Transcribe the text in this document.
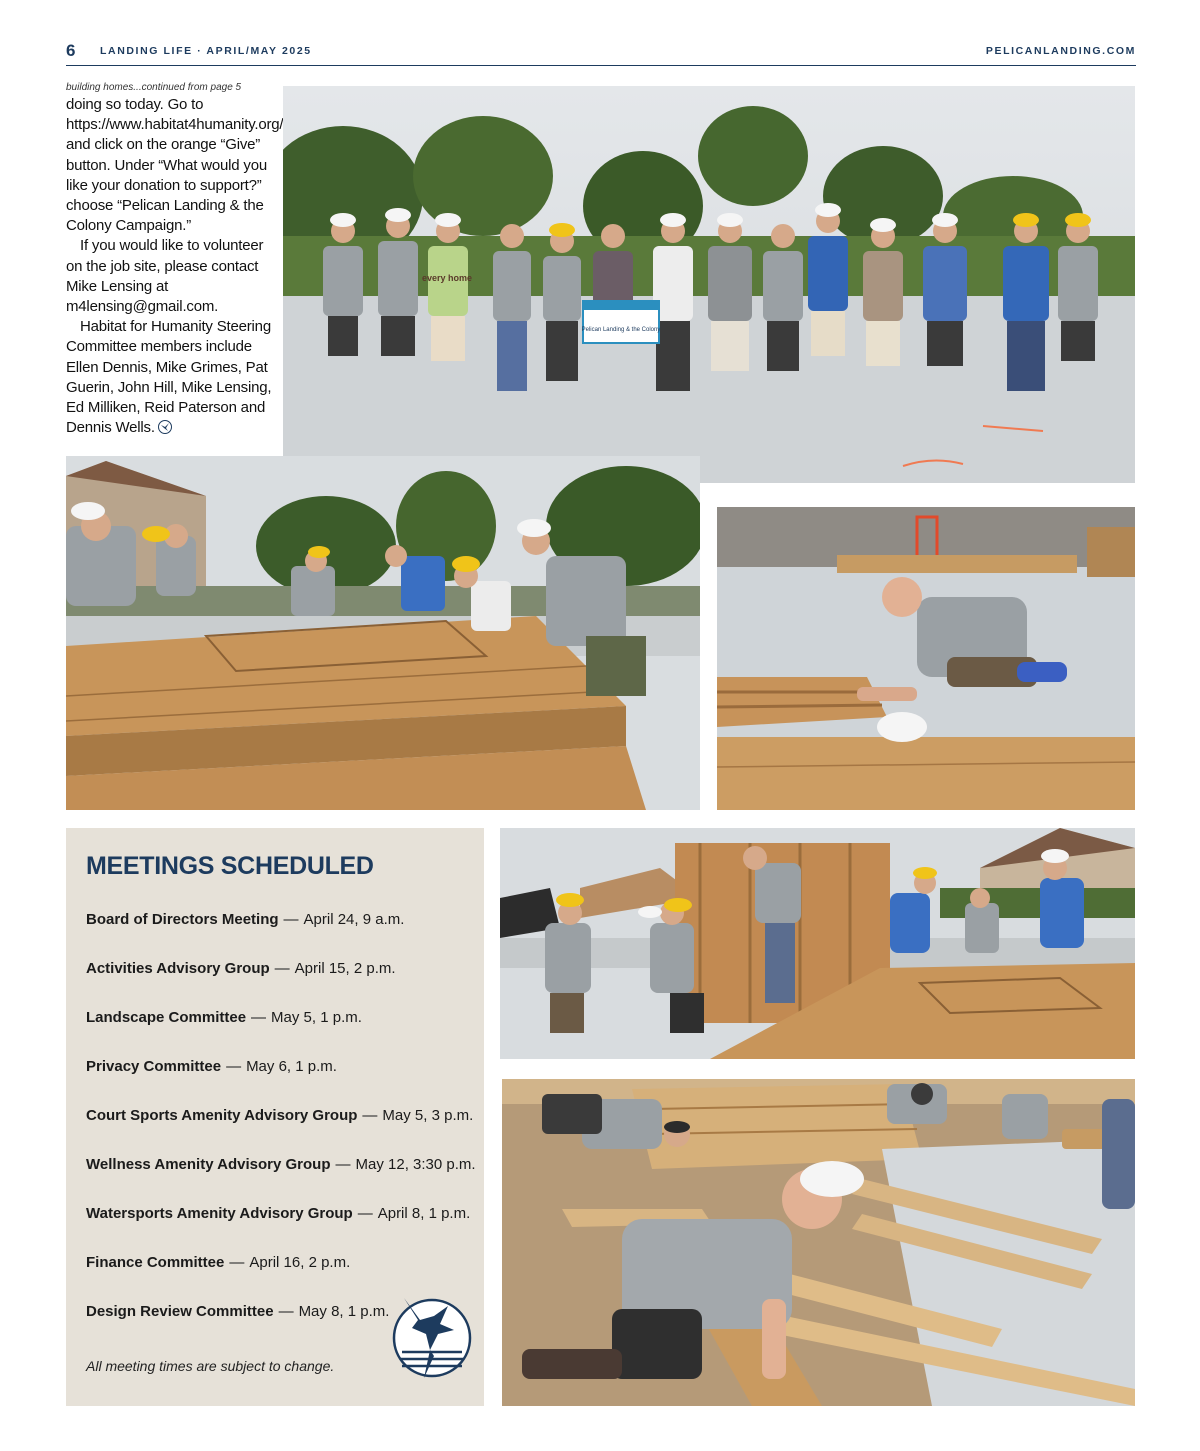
6 LANDING LIFE · APRIL/MAY 2025	PELICANLANDING.COM
building homes...continued from page 5

doing so today. Go to https://www.habitat4humanity.org/ and click on the orange “Give” button. Under “What would you like your donation to support?” choose “Pelican Landing & the Colony Campaign.”

If you would like to volunteer on the job site, please contact Mike Lensing at m4lensing@gmail.com.

Habitat for Humanity Steering Committee members include Ellen Dennis, Mike Grimes, Pat Guerin, John Hill, Mike Lensing, Ed Milliken, Reid Paterson and Dennis Wells.

Pelican Landing & the Colony
every home
MEETINGS SCHEDULED
Board of Directors Meeting — April 24, 9 a.m.
Activities Advisory Group — April 15, 2 p.m.
Landscape Committee — May 5, 1 p.m.
Privacy Committee — May 6, 1 p.m.
Court Sports Amenity Advisory Group — May 5, 3 p.m.
Wellness Amenity Advisory Group — May 12, 3:30 p.m.
Watersports Amenity Advisory Group — April 8, 1 p.m.
Finance Committee — April 16, 2 p.m.
Design Review Committee — May 8, 1 p.m.
All meeting times are subject to change.
